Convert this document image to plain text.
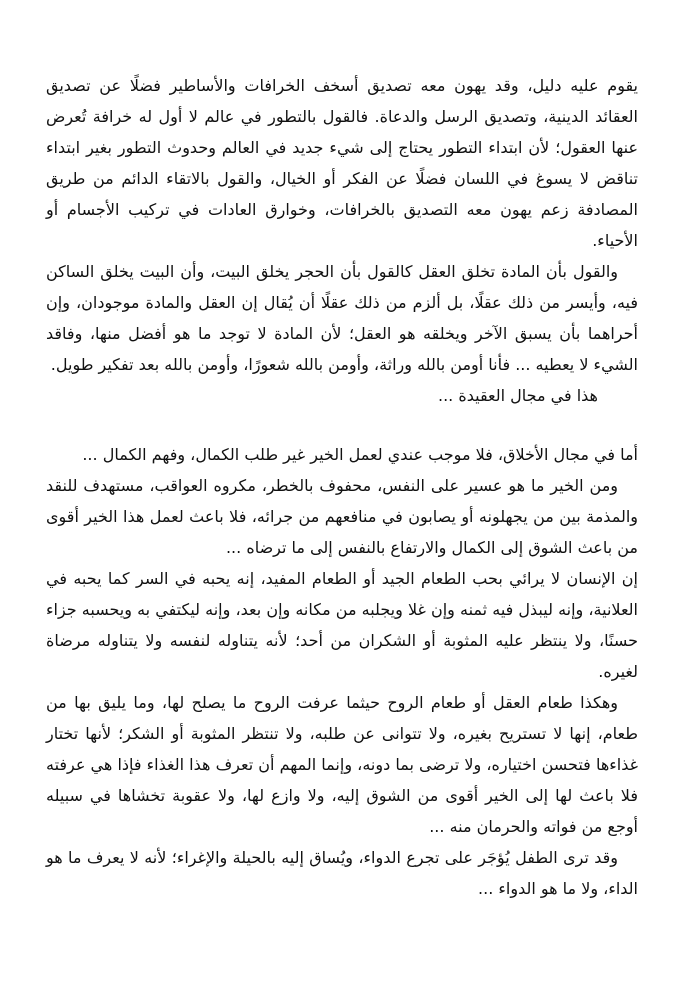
يقوم عليه دليل، وقد يهون معه تصديق أسخف الخرافات والأساطير فضلًا عن تصديق العقائد الدينية، وتصديق الرسل والدعاة. فالقول بالتطور في عالم لا أول له خرافة تُعرض عنها العقول؛ لأن ابتداء التطور يحتاج إلى شيء جديد في العالم وحدوث التطور بغير ابتداء تناقض لا يسوغ في اللسان فضلًا عن الفكر أو الخيال، والقول بالاتقاء الدائم من طريق المصادفة زعم يهون معه التصديق بالخرافات، وخوارق العادات في تركيب الأجسام أو الأحياء.

والقول بأن المادة تخلق العقل كالقول بأن الحجر يخلق البيت، وأن البيت يخلق الساكن فيه، وأيسر من ذلك عقلًا، بل ألزم من ذلك عقلًا أن يُقال إن العقل والمادة موجودان، وإن أحراهما بأن يسبق الآخر ويخلقه هو العقل؛ لأن المادة لا توجد ما هو أفضل منها، وفاقد الشيء لا يعطيه ... فأنا أومن بالله وراثة، وأومن بالله شعورًا، وأومن بالله بعد تفكير طويل.

هذا في مجال العقيدة ...

أما في مجال الأخلاق، فلا موجب عندي لعمل الخير غير طلب الكمال، وفهم الكمال ...

ومن الخير ما هو عسير على النفس، محفوف بالخطر، مكروه العواقب، مستهدف للنقد والمذمة بين من يجهلونه أو يصابون في منافعهم من جرائه، فلا باعث لعمل هذا الخير أقوى من باعث الشوق إلى الكمال والارتفاع بالنفس إلى ما ترضاه ...

إن الإنسان لا يرائي بحب الطعام الجيد أو الطعام المفيد، إنه يحبه في السر كما يحبه في العلانية، وإنه ليبذل فيه ثمنه وإن غلا ويجلبه من مكانه وإن بعد، وإنه ليكتفي به ويحسبه جزاء حسنًا، ولا ينتظر عليه المثوبة أو الشكران من أحد؛ لأنه يتناوله لنفسه ولا يتناوله مرضاة لغيره.

وهكذا طعام العقل أو طعام الروح حيثما عرفت الروح ما يصلح لها، وما يليق بها من طعام، إنها لا تستريح بغيره، ولا تتوانى عن طلبه، ولا تنتظر المثوبة أو الشكر؛ لأنها تختار غذاءها فتحسن اختياره، ولا ترضى بما دونه، وإنما المهم أن تعرف هذا الغذاء فإذا هي عرفته فلا باعث لها إلى الخير أقوى من الشوق إليه، ولا وازع لها، ولا عقوبة تخشاها في سبيله أوجع من فواته والحرمان منه ...

وقد ترى الطفل يُؤجَر على تجرع الدواء، ويُساق إليه بالحيلة والإغراء؛ لأنه لا يعرف ما هو الداء، ولا ما هو الدواء ...
